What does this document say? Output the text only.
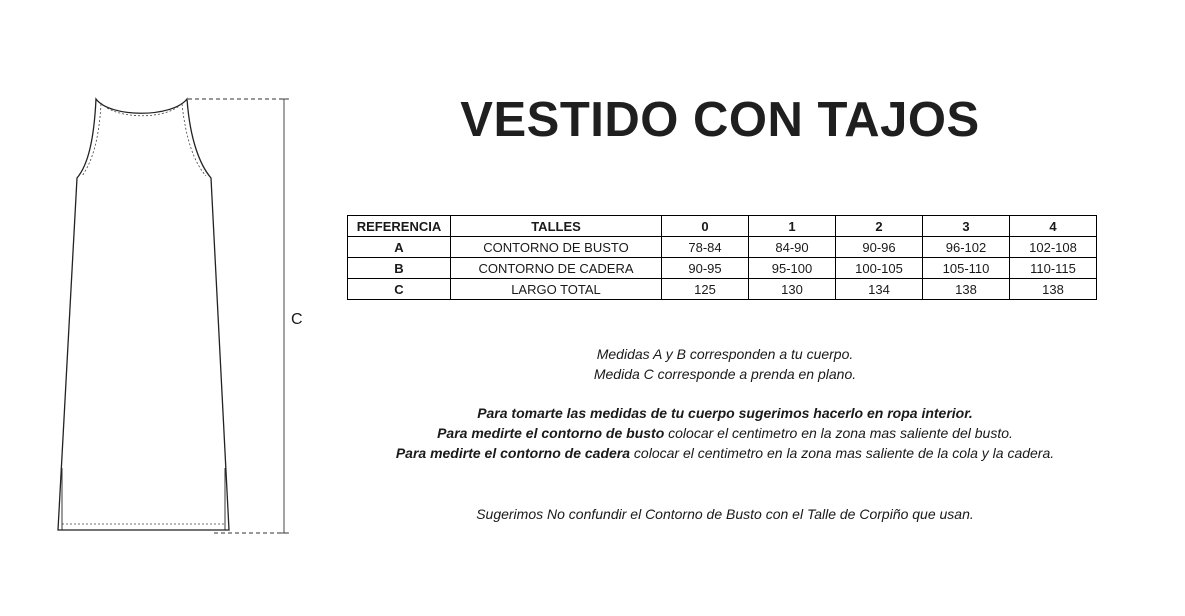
C
VESTIDO CON TAJOS
REFERENCIA	TALLES	0	1	2	3	4
A	CONTORNO DE BUSTO	78-84	84-90	90-96	96-102	102-108
B	CONTORNO DE CADERA	90-95	95-100	100-105	105-110	110-115
C	LARGO TOTAL	125	130	134	138	138
Medidas A y B corresponden a tu cuerpo.
Medida C corresponde a prenda en plano.
Para tomarte las medidas de tu cuerpo sugerimos hacerlo en ropa interior.
Para medirte el contorno de busto colocar el centimetro en la zona mas saliente del busto.
Para medirte el contorno de cadera colocar el centimetro en la zona mas saliente de la cola y la cadera.
Sugerimos No confundir el Contorno de Busto con el Talle de Corpiño que usan.
